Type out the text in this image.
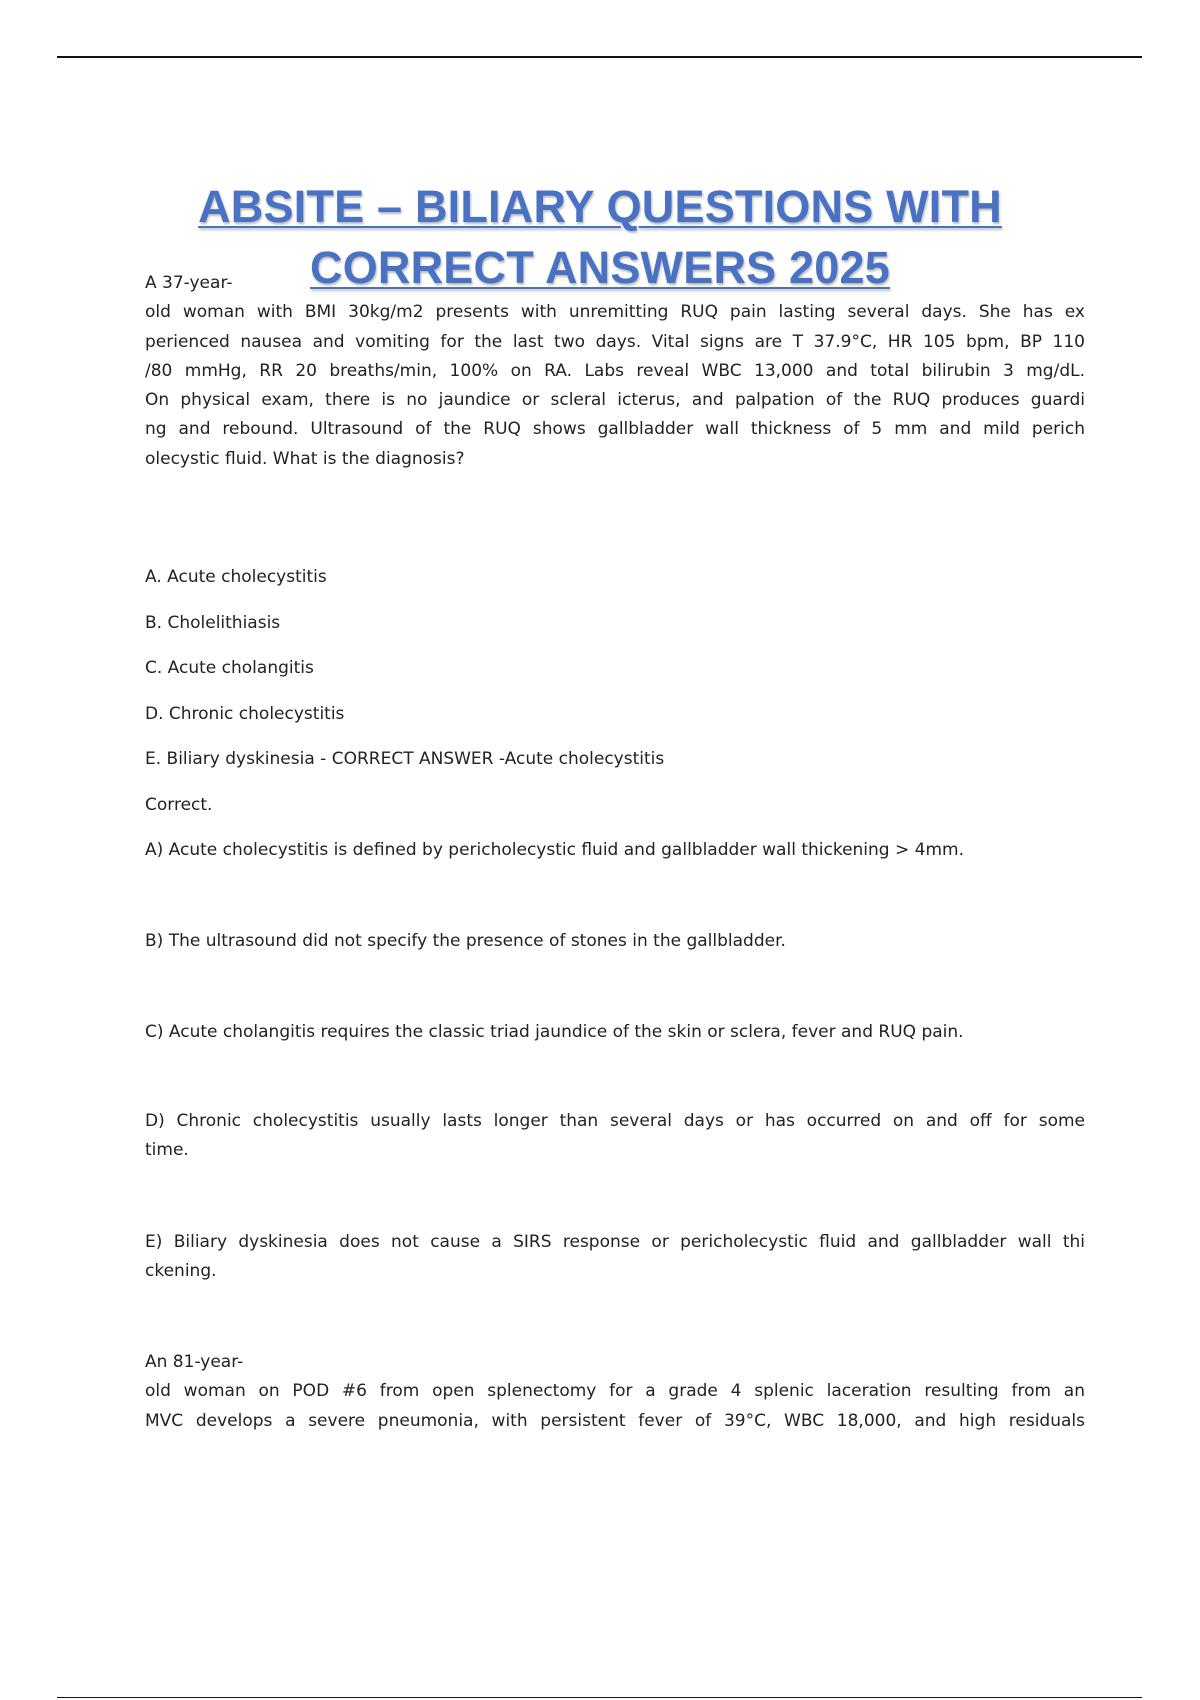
ABSITE – BILIARY QUESTIONS WITH
CORRECT ANSWERS 2025
A 37-year-
old woman with BMI 30kg/m2 presents with unremitting RUQ pain lasting several days. She has ex
perienced nausea and vomiting for the last two days. Vital signs are T 37.9°C, HR 105 bpm, BP 110
/80 mmHg, RR 20 breaths/min, 100% on RA. Labs reveal WBC 13,000 and total bilirubin 3 mg/dL.
On physical exam, there is no jaundice or scleral icterus, and palpation of the RUQ produces guardi
ng and rebound. Ultrasound of the RUQ shows gallbladder wall thickness of 5 mm and mild perich
olecystic fluid. What is the diagnosis?

A. Acute cholecystitis

B. Cholelithiasis

C. Acute cholangitis

D. Chronic cholecystitis

E. Biliary dyskinesia - CORRECT ANSWER -Acute cholecystitis

Correct.

A) Acute cholecystitis is defined by pericholecystic fluid and gallbladder wall thickening > 4mm.

B) The ultrasound did not specify the presence of stones in the gallbladder.

C) Acute cholangitis requires the classic triad jaundice of the skin or sclera, fever and RUQ pain.

D) Chronic cholecystitis usually lasts longer than several days or has occurred on and off for some
time.
E) Biliary dyskinesia does not cause a SIRS response or pericholecystic fluid and gallbladder wall thi
ckening.
An 81-year-
old woman on POD #6 from open splenectomy for a grade 4 splenic laceration resulting from an
MVC develops a severe pneumonia, with persistent fever of 39°C, WBC 18,000, and high residuals
